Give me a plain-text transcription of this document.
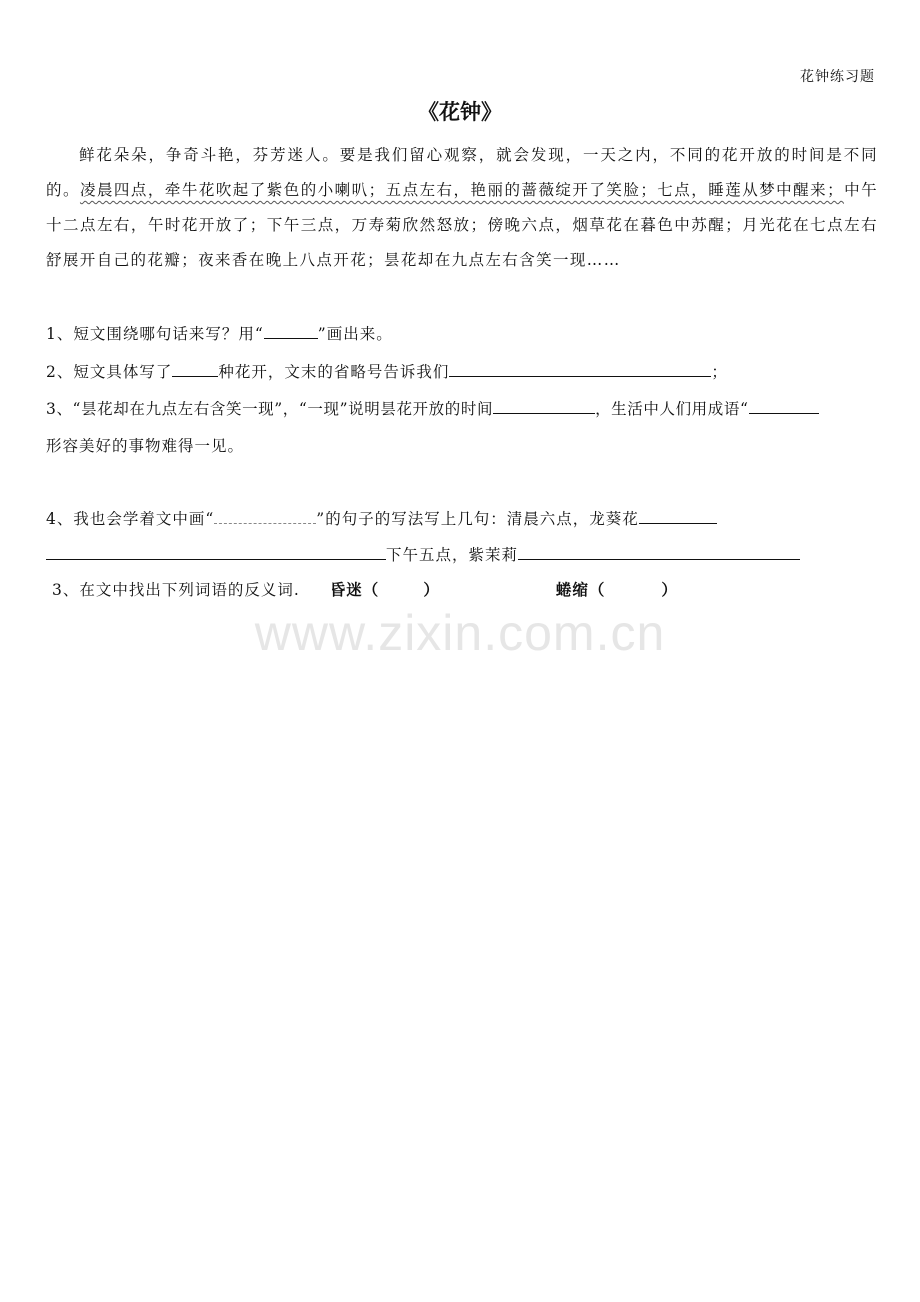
花钟练习题
《花钟》
鲜花朵朵，争奇斗艳，芬芳迷人。要是我们留心观察，就会发现，一天之内，不同的花开放的时间是不同的。凌晨四点，牵牛花吹起了紫色的小喇叭；五点左右，艳丽的蔷薇绽开了笑脸；七点，睡莲从梦中醒来；中午十二点左右，午时花开放了；下午三点，万寿菊欣然怒放；傍晚六点，烟草花在暮色中苏醒；月光花在七点左右舒展开自己的花瓣；夜来香在晚上八点开花；昙花却在九点左右含笑一现……
1、短文围绕哪句话来写？用“	”画出来。
2、短文具体写了	种花开，文末的省略号告诉我们	；
3、“昙花却在九点左右含笑一现”，“一现”说明昙花开放的时间	，生活中人们用成语“
形容美好的事物难得一见。
4、我也会学着文中画“	”的句子的写法写上几句：清晨六点，龙葵花
下午五点，紫茉莉
3、在文中找出下列词语的反义词. 昏迷（	）	蜷缩（	）
www.zixin.com.cn
